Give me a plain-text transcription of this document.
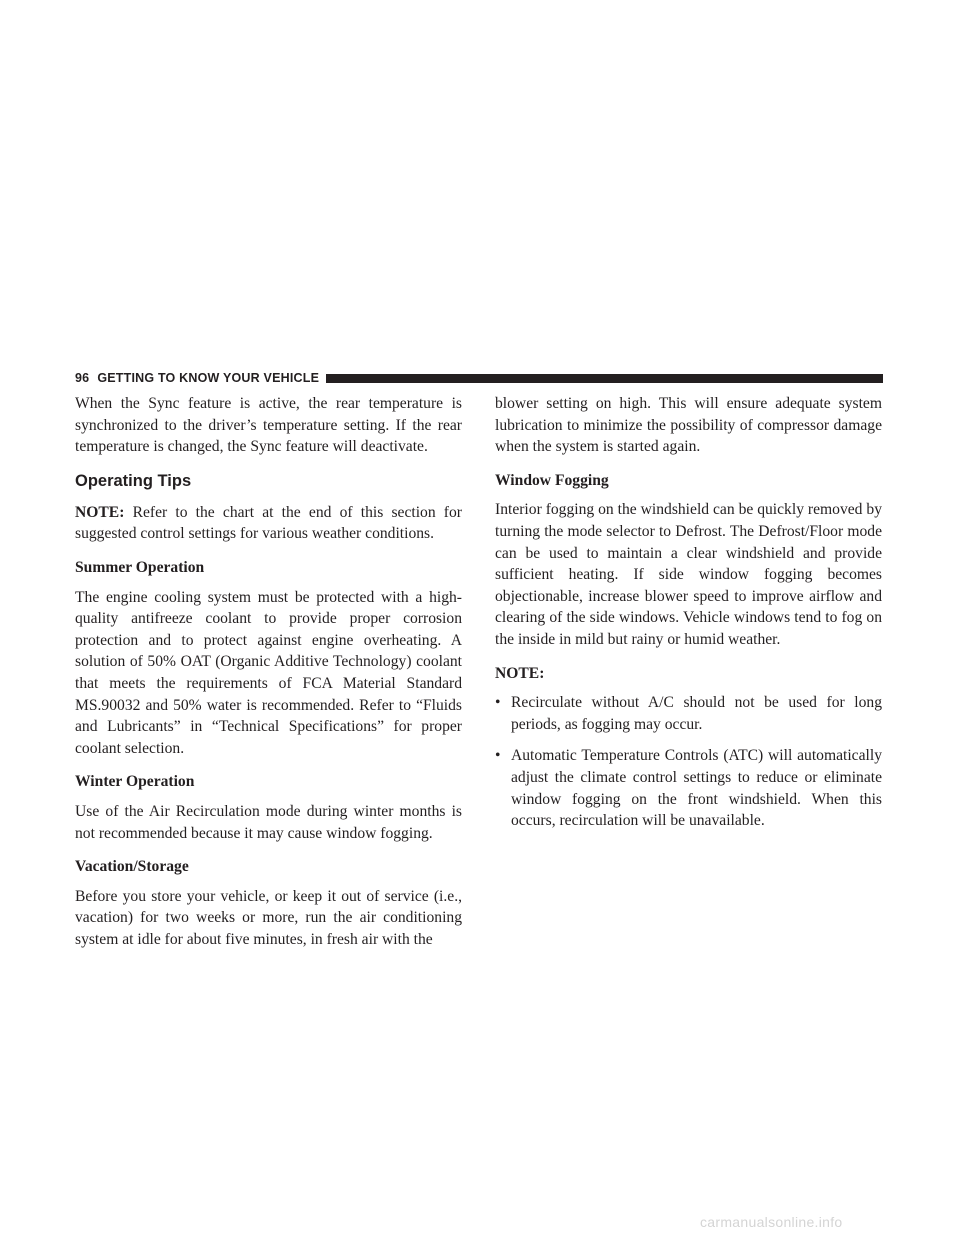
96 GETTING TO KNOW YOUR VEHICLE

When the Sync feature is active, the rear temperature is synchronized to the driver’s temperature setting. If the rear temperature is changed, the Sync feature will deactivate.

Operating Tips

NOTE: Refer to the chart at the end of this section for suggested control settings for various weather conditions.

Summer Operation

The engine cooling system must be protected with a high-quality antifreeze coolant to provide proper corrosion protection and to protect against engine overheating. A solution of 50% OAT (Organic Additive Technology) coolant that meets the requirements of FCA Material Standard MS.90032 and 50% water is recommended. Refer to “Fluids and Lubricants” in “Technical Specifications” for proper coolant selection.

Winter Operation

Use of the Air Recirculation mode during winter months is not recommended because it may cause window fogging.

Vacation/Storage

Before you store your vehicle, or keep it out of service (i.e., vacation) for two weeks or more, run the air conditioning system at idle for about five minutes, in fresh air with the

blower setting on high. This will ensure adequate system lubrication to minimize the possibility of compressor damage when the system is started again.

Window Fogging

Interior fogging on the windshield can be quickly removed by turning the mode selector to Defrost. The Defrost/Floor mode can be used to maintain a clear windshield and provide sufficient heating. If side window fogging becomes objectionable, increase blower speed to improve airflow and clearing of the side windows. Vehicle windows tend to fog on the inside in mild but rainy or humid weather.

NOTE:
• Recirculate without A/C should not be used for long periods, as fogging may occur.
• Automatic Temperature Controls (ATC) will automatically adjust the climate control settings to reduce or eliminate window fogging on the front windshield. When this occurs, recirculation will be unavailable.
carmanualsonline.info
